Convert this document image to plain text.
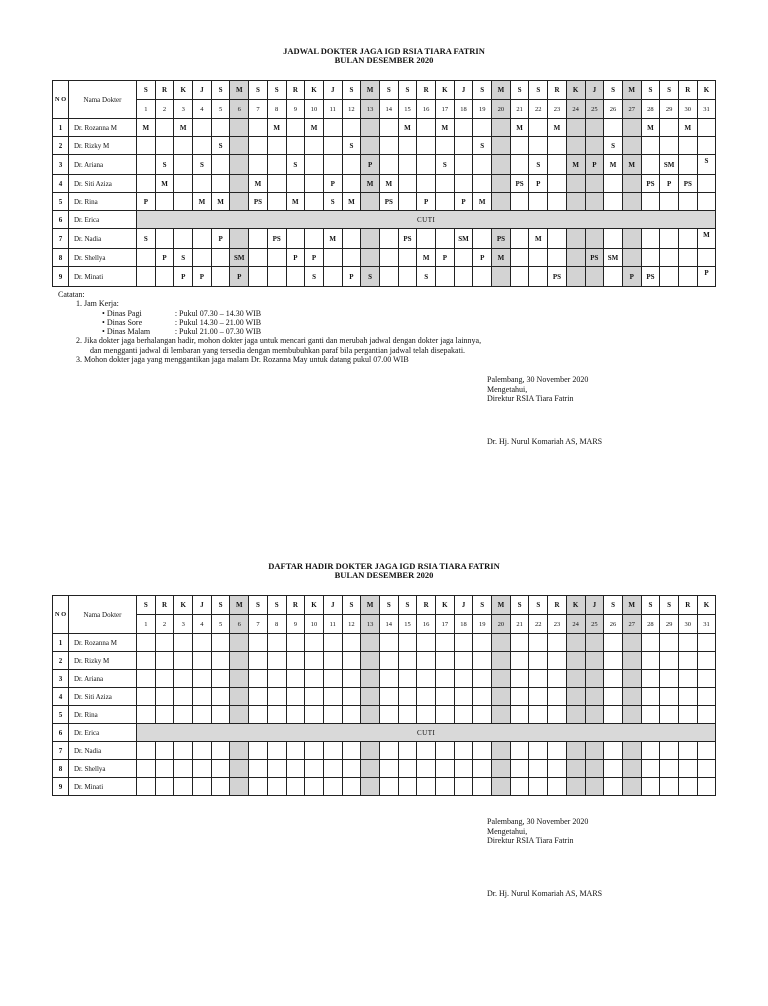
JADWAL DOKTER JAGA IGD RSIA TIARA FATRIN
BULAN DESEMBER 2020
N O	Nama Dokter	S	R	K	J	S	M	S	S	R	K	J	S	M	S	S	R	K	J	S	M	S	S	R	K	J	S	M	S	S	R	K
		1	2	3	4	5	6	7	8	9	10	11	12	13	14	15	16	17	18	19	20	21	22	23	24	25	26	27	28	29	30	31
1	Dr. Rozanna M	M		M					M		M					M		M				M		M					M		M	
2	Dr. Rizky M					S							S							S							S					
3	Dr. Ariana		S		S					S				P				S					S		M	P	M	M		SM		S
4	Dr. Siti Aziza		M					M				P		M	M							PS	P						PS	P	PS	
5	Dr. Rina	P			M	M		PS		M		S	M		PS		P		P	M												
6	Dr. Erica	CUTI																														
7	Dr. Nadia	S				P			PS			M				PS			SM		PS		M									M
8	Dr. Shellya		P	S			SM			P	P						M	P		P	M					PS	SM					
9	Dr. Minati			P	P		P				S		P	S			S							PS				P	PS			P
Catatan:
1. Jam Kerja:
• Dinas Pagi	: Pukul 07.30 – 14.30 WIB
• Dinas Sore	: Pukul 14.30 – 21.00 WIB
• Dinas Malam	: Pukul 21.00 – 07.30 WIB
2. Jika dokter jaga berhalangan hadir, mohon dokter jaga untuk mencari ganti dan merubah jadwal dengan dokter jaga lainnya,
dan mengganti jadwal di lembaran yang tersedia dengan membubuhkan paraf bila pergantian jadwal telah disepakati.
3. Mohon dokter jaga yang menggantikan jaga malam Dr. Rozanna May untuk datang pukul 07.00 WIB
Palembang, 30 November 2020
Mengetahui,
Direktur RSIA Tiara Fatrin
Dr. Hj. Nurul Komariah AS, MARS
DAFTAR HADIR DOKTER JAGA IGD RSIA TIARA FATRIN
BULAN DESEMBER 2020
N O	Nama Dokter	S	R	K	J	S	M	S	S	R	K	J	S	M	S	S	R	K	J	S	M	S	S	R	K	J	S	M	S	S	R	K
		1	2	3	4	5	6	7	8	9	10	11	12	13	14	15	16	17	18	19	20	21	22	23	24	25	26	27	28	29	30	31
1	Dr. Rozanna M																															
2	Dr. Rizky M																															
3	Dr. Ariana																															
4	Dr. Siti Aziza																															
5	Dr. Rina																															
6	Dr. Erica	CUTI																														
7	Dr. Nadia																															
8	Dr. Shellya																															
9	Dr. Minati																															
Palembang, 30 November 2020
Mengetahui,
Direktur RSIA Tiara Fatrin
Dr. Hj. Nurul Komariah AS, MARS
